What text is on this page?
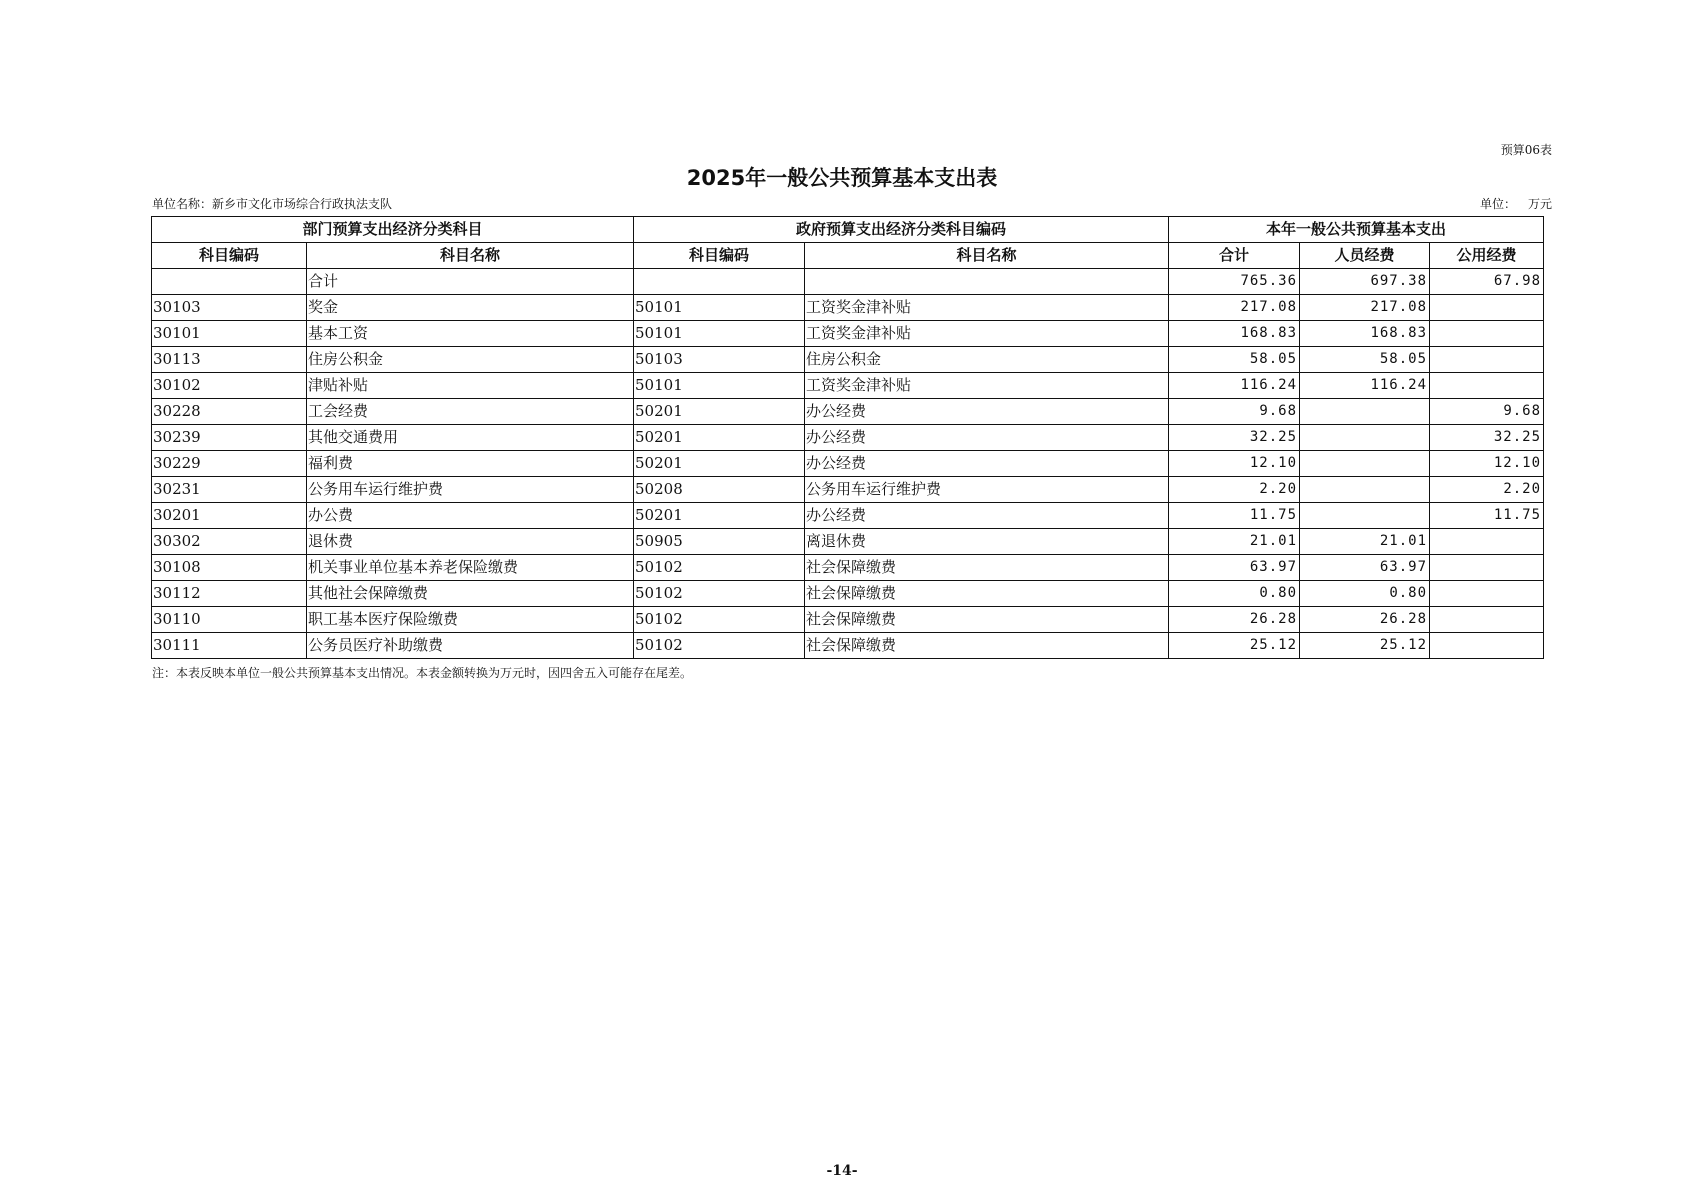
预算06表
2025年一般公共预算基本支出表
单位名称：新乡市文化市场综合行政执法支队	单位： 万元
部门预算支出经济分类科目		政府预算支出经济分类科目编码		本年一般公共预算基本支出		
科目编码	科目名称	科目编码	科目名称	合计	人员经费	公用经费
	合计			765.36	697.38	67.98
30103	奖金	50101	工资奖金津补贴	217.08	217.08	
30101	基本工资	50101	工资奖金津补贴	168.83	168.83	
30113	住房公积金	50103	住房公积金	58.05	58.05	
30102	津贴补贴	50101	工资奖金津补贴	116.24	116.24	
30228	工会经费	50201	办公经费	9.68		9.68
30239	其他交通费用	50201	办公经费	32.25		32.25
30229	福利费	50201	办公经费	12.10		12.10
30231	公务用车运行维护费	50208	公务用车运行维护费	2.20		2.20
30201	办公费	50201	办公经费	11.75		11.75
30302	退休费	50905	离退休费	21.01	21.01	
30108	机关事业单位基本养老保险缴费	50102	社会保障缴费	63.97	63.97	
30112	其他社会保障缴费	50102	社会保障缴费	0.80	0.80	
30110	职工基本医疗保险缴费	50102	社会保障缴费	26.28	26.28	
30111	公务员医疗补助缴费	50102	社会保障缴费	25.12	25.12	
注：本表反映本单位一般公共预算基本支出情况。本表金额转换为万元时，因四舍五入可能存在尾差。
-14-
